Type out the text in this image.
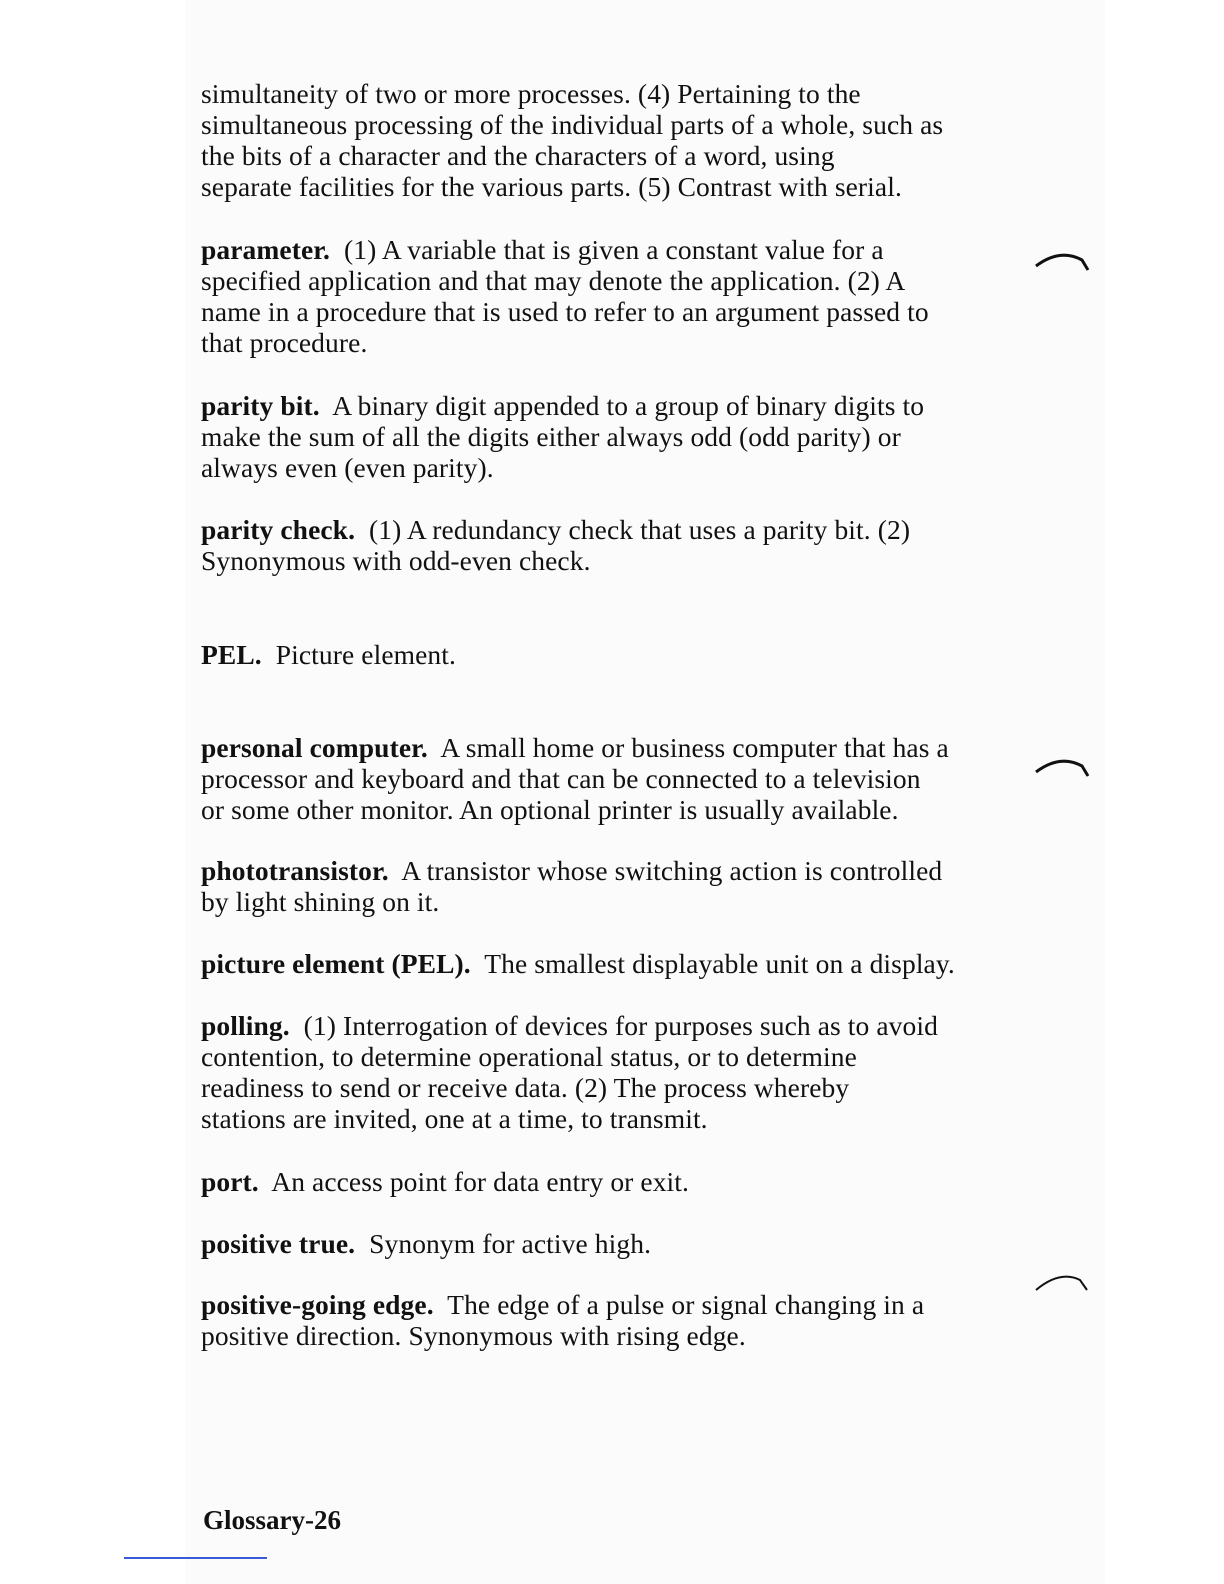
simultaneity of two or more processes. (4) Pertaining to the
simultaneous processing of the individual parts of a whole, such as
the bits of a character and the characters of a word, using
separate facilities for the various parts. (5) Contrast with serial.
parameter. (1) A variable that is given a constant value for a
specified application and that may denote the application. (2) A
name in a procedure that is used to refer to an argument passed to
that procedure.
parity bit. A binary digit appended to a group of binary digits to
make the sum of all the digits either always odd (odd parity) or
always even (even parity).
parity check. (1) A redundancy check that uses a parity bit. (2)
Synonymous with odd-even check.
PEL. Picture element.
personal computer. A small home or business computer that has a
processor and keyboard and that can be connected to a television
or some other monitor. An optional printer is usually available.
phototransistor. A transistor whose switching action is controlled
by light shining on it.
picture element (PEL). The smallest displayable unit on a display.
polling. (1) Interrogation of devices for purposes such as to avoid
contention, to determine operational status, or to determine
readiness to send or receive data. (2) The process whereby
stations are invited, one at a time, to transmit.
port. An access point for data entry or exit.
positive true. Synonym for active high.
positive-going edge. The edge of a pulse or signal changing in a
positive direction. Synonymous with rising edge.
Glossary-26
